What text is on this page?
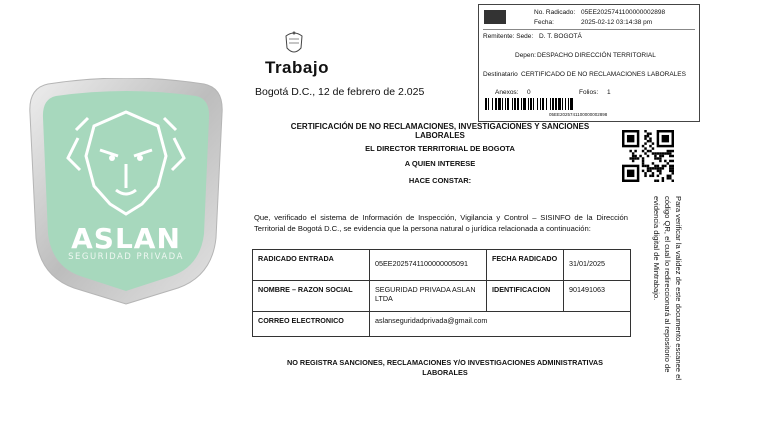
ASLAN
SEGURIDAD PRIVADA
Trabajo
Bogotá D.C., 12 de febrero de 2.025
No. Radicado: 05EE2025741100000002898
Fecha:	2025-02-12 03:14:38 pm
Remitente: Sede: D. T. BOGOTÁ
Depen: DESPACHO DIRECCIÓN TERRITORIAL
Destinatario CERTIFICADO DE NO RECLAMACIONES LABORALES
Anexos: 0	Folios: 1
05EE2025741100000002898
CERTIFICACIÓN DE NO RECLAMACIONES, INVESTIGACIONES Y SANCIONES LABORALES
EL DIRECTOR TERRITORIAL DE BOGOTA
A QUIEN INTERESE
HACE CONSTAR:
Para verificar la validez de este documento escanee el código QR, el cual lo redireccionará al repositorio de evidencia digital de Mintrabajo.
Que, verificado el sistema de Información de Inspección, Vigilancia y Control – SISINFO de la Dirección Territorial de Bogotá D.C., se evidencia que la persona natural o jurídica relacionada a continuación:
RADICADO ENTRADA	05EE2025741100000005091	FECHA RADICADO	31/01/2025
NOMBRE – RAZON SOCIAL	SEGURIDAD PRIVADA ASLAN LTDA	IDENTIFICACION	901491063
CORREO ELECTRONICO	aslanseguridadprivada@gmail.com		
NO REGISTRA SANCIONES, RECLAMACIONES Y/O INVESTIGACIONES ADMINISTRATIVAS LABORALES
